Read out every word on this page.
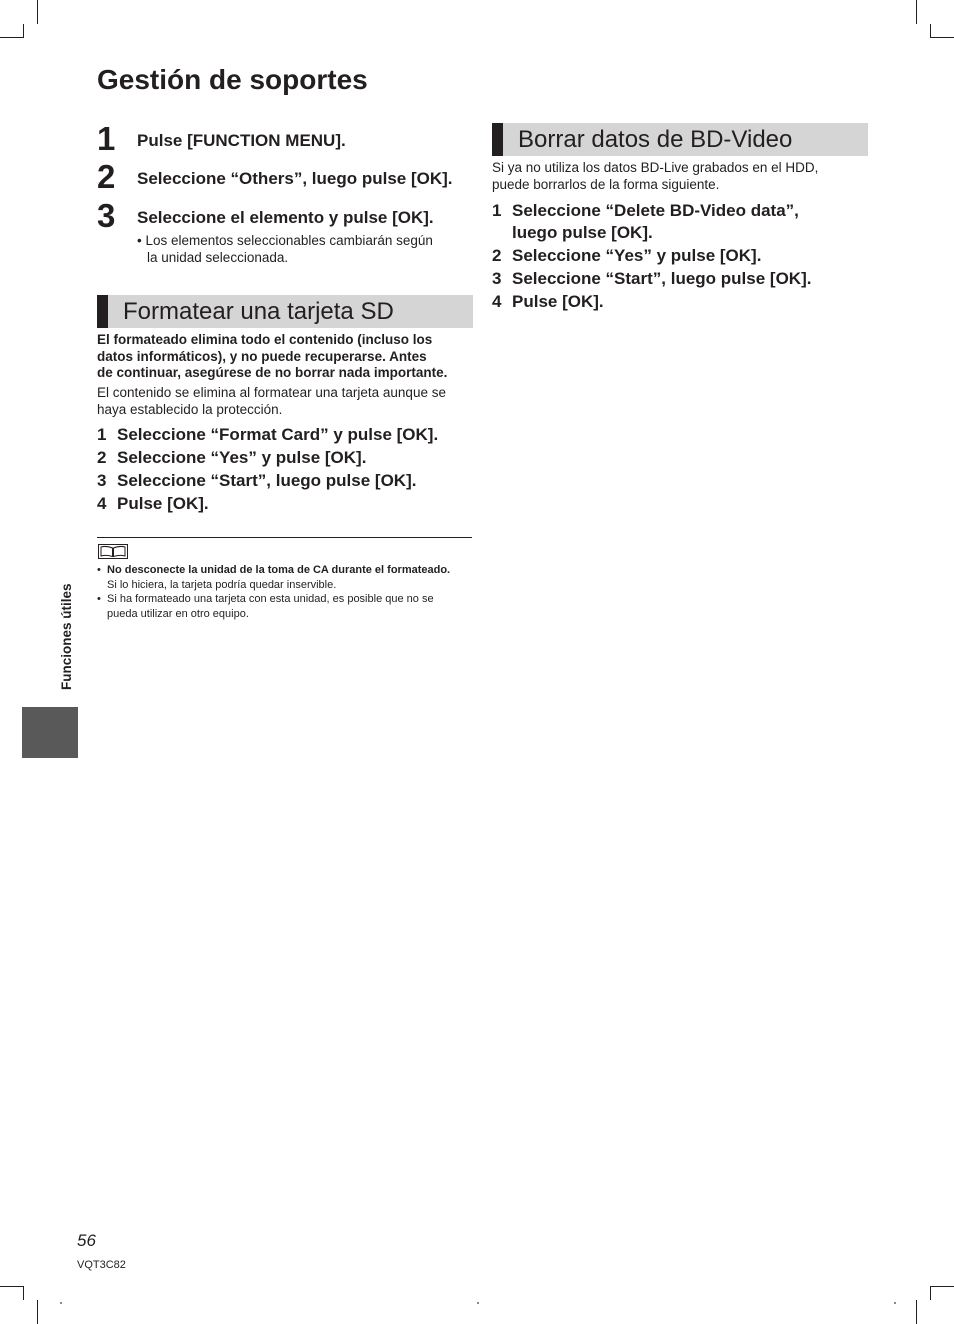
Gestión de soportes
1 Pulse [FUNCTION MENU].
2 Seleccione “Others”, luego pulse [OK].
3 Seleccione el elemento y pulse [OK].
• Los elementos seleccionables cambiarán según
la unidad seleccionada.
Formatear una tarjeta SD
El formateado elimina todo el contenido (incluso los
datos informáticos), y no puede recuperarse. Antes
de continuar, asegúrese de no borrar nada importante.
El contenido se elimina al formatear una tarjeta aunque se
haya establecido la protección.
1 Seleccione “Format Card” y pulse [OK].
2 Seleccione “Yes” y pulse [OK].
3 Seleccione “Start”, luego pulse [OK].
4 Pulse [OK].
• No desconecte la unidad de la toma de CA durante el formateado.
Si lo hiciera, la tarjeta podría quedar inservible.
• Si ha formateado una tarjeta con esta unidad, es posible que no se
pueda utilizar en otro equipo.
Borrar datos de BD-Video
Si ya no utiliza los datos BD-Live grabados en el HDD,
puede borrarlos de la forma siguiente.
1 Seleccione “Delete BD-Video data”,
luego pulse [OK].
2 Seleccione “Yes” y pulse [OK].
3 Seleccione “Start”, luego pulse [OK].
4 Pulse [OK].
Funciones útiles
56
VQT3C82
